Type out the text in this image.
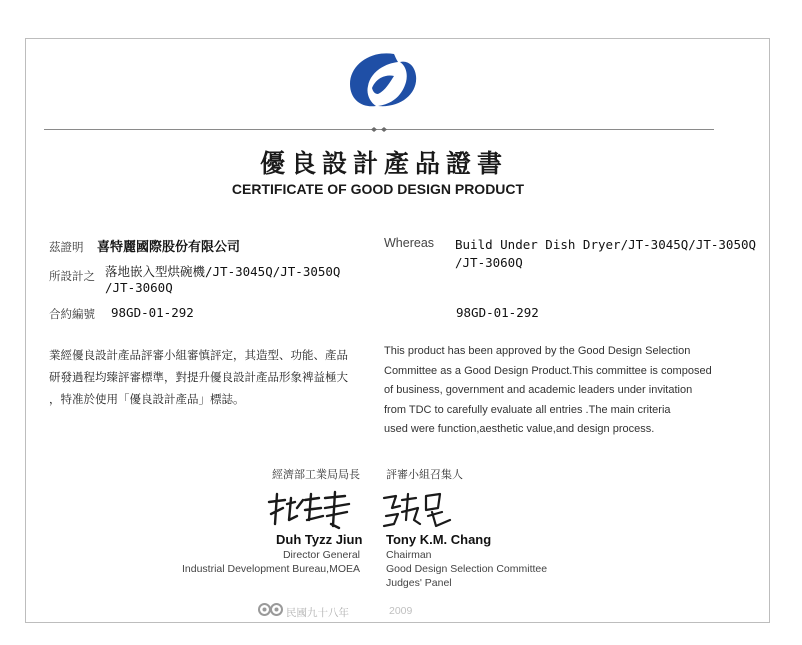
優良設計產品證書
CERTIFICATE OF GOOD DESIGN PRODUCT
茲證明 喜特麗國際股份有限公司
所設計之 落地嵌入型烘碗機/JT-3045Q/JT-3050Q
/JT-3060Q
合約編號 98GD-01-292
Whereas Build Under Dish Dryer/JT-3045Q/JT-3050Q
/JT-3060Q
98GD-01-292
業經優良設計產品評審小組審慎評定，其造型、功能、產品
研發過程均臻評審標準，對提升優良設計產品形象裨益極大
，特准於使用「優良設計產品」標誌。
This product has been approved by the Good Design Selection
Committee as a Good Design Product.This committee is composed
of business, government and academic leaders under invitation
from TDC to carefully evaluate all entries .The main criteria
used were function,aesthetic value,and design process.
經濟部工業局局長 評審小組召集人
Duh Tyzz Jiun
Director General
Industrial Development Bureau,MOEA
Tony K.M. Chang
Chairman
Good Design Selection Committee
Judges' Panel
民國九十八年	2009
